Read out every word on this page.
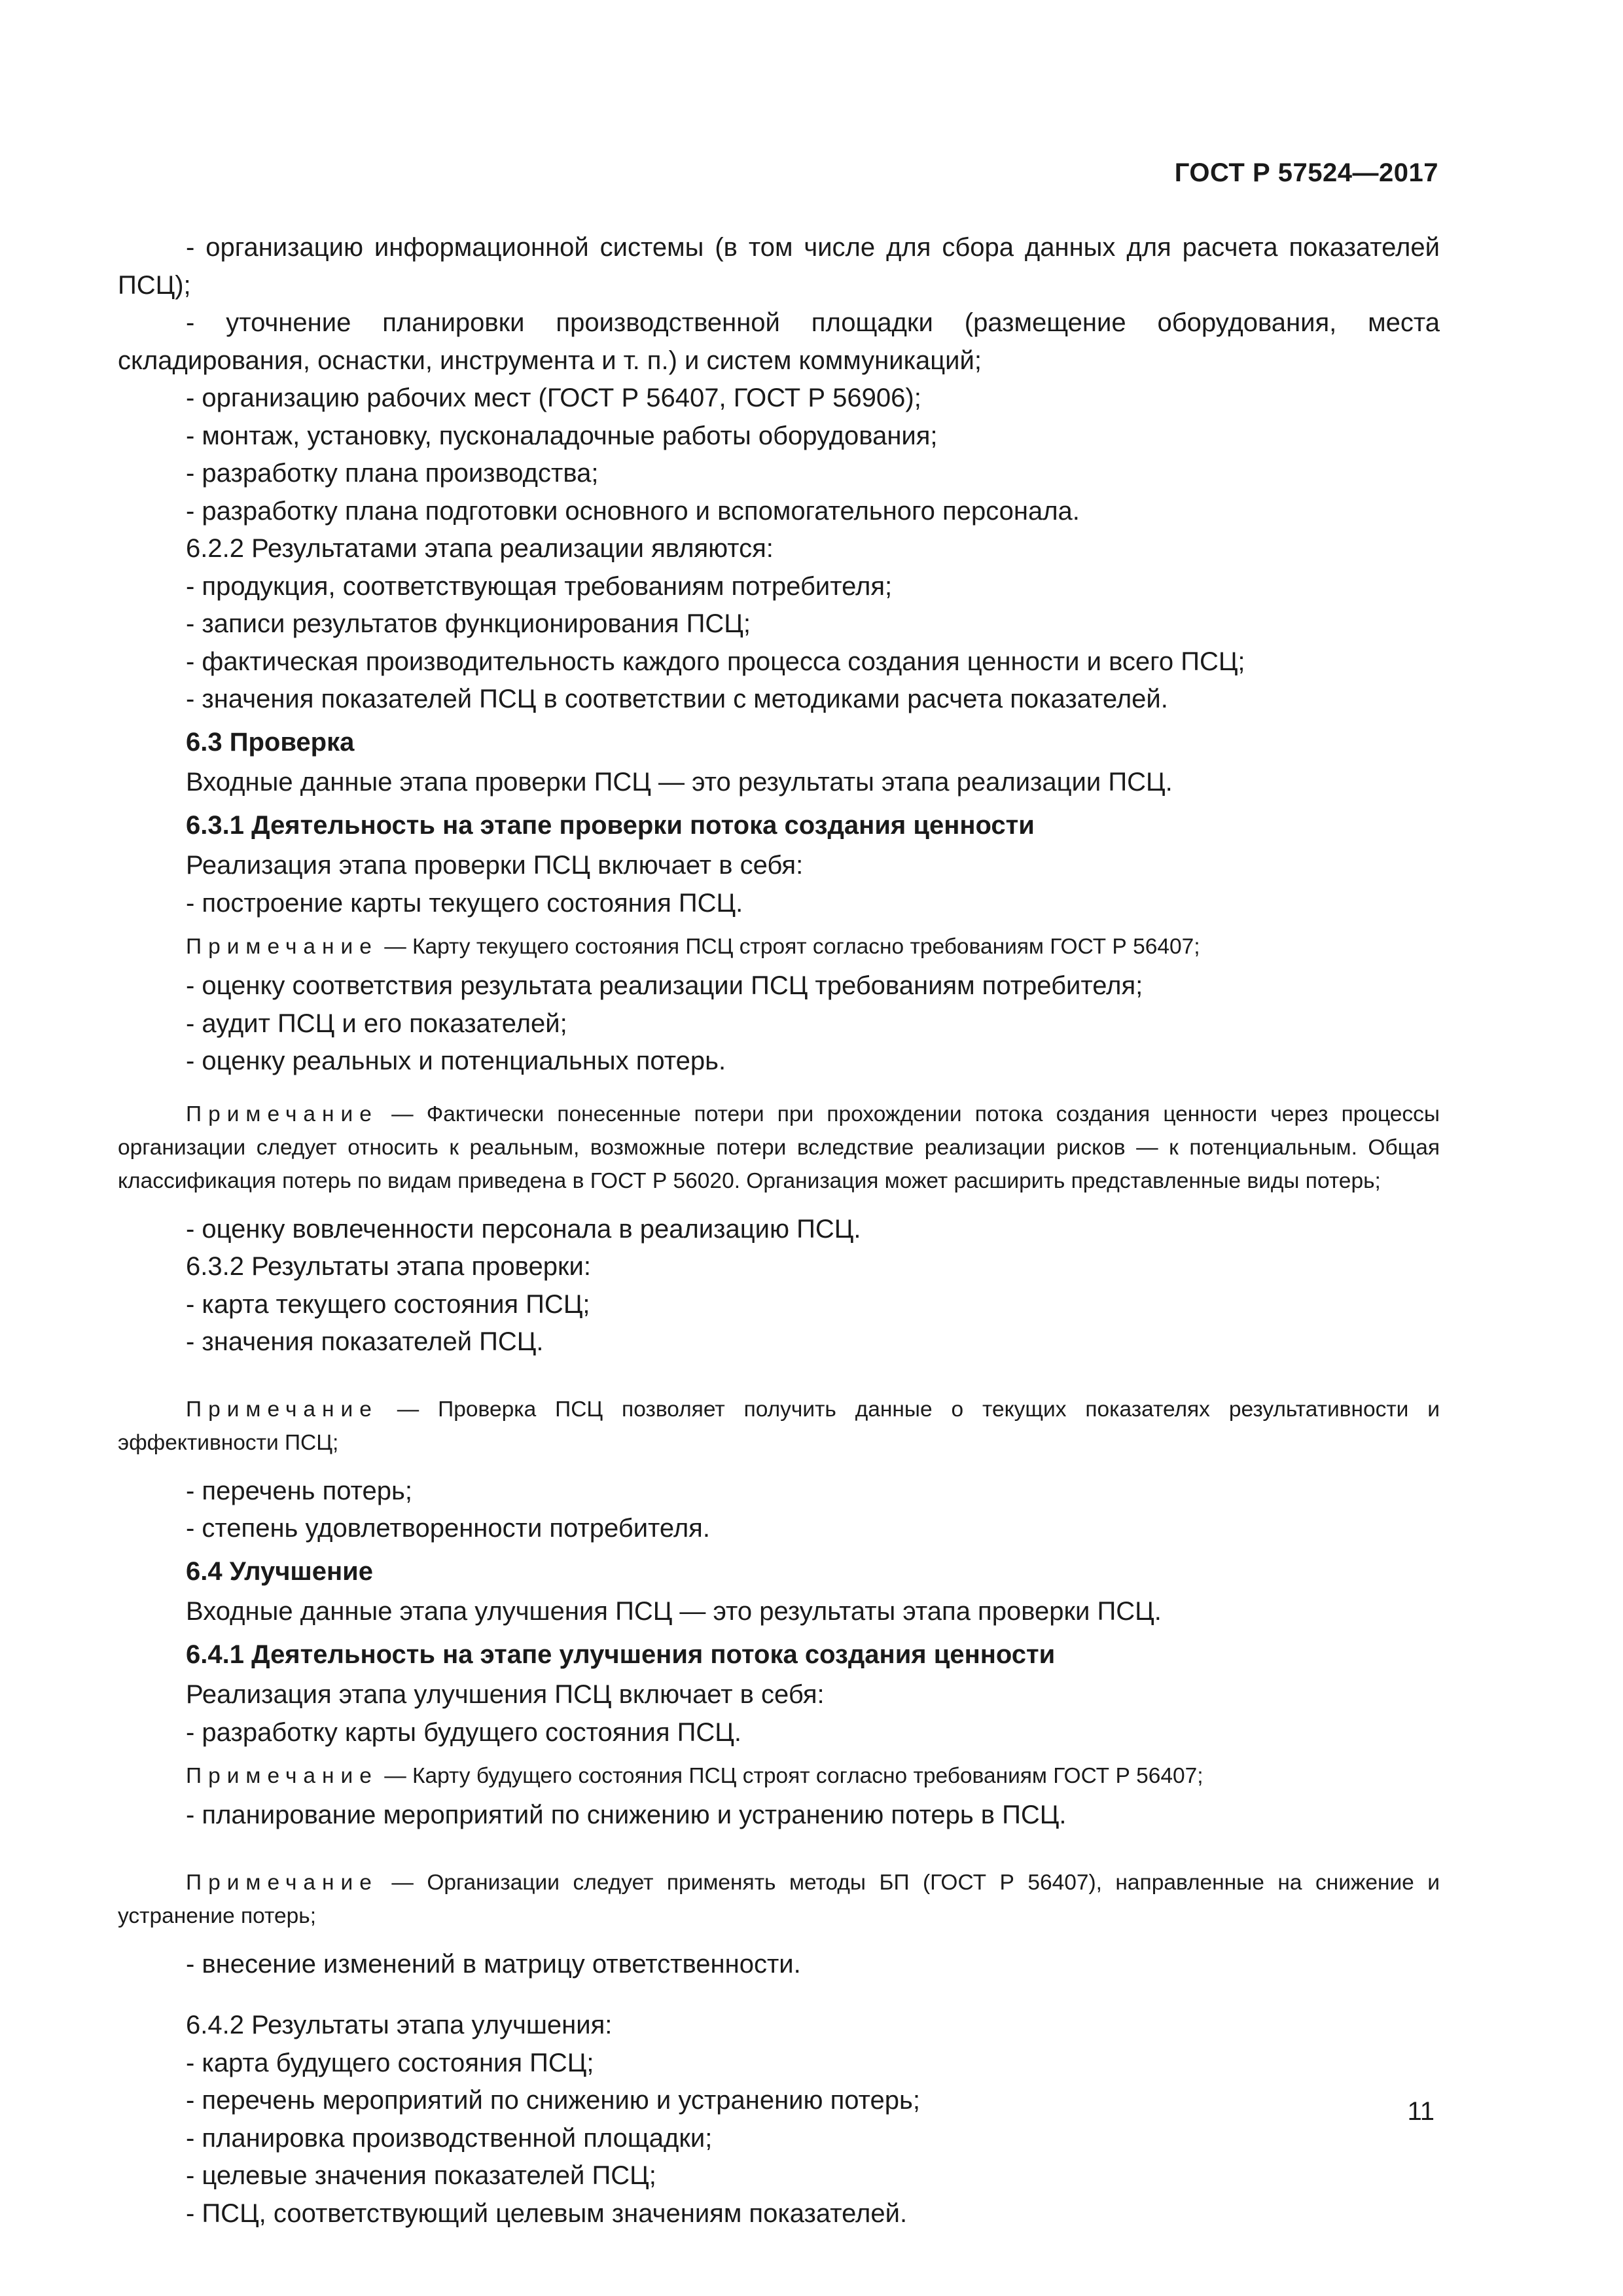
ГОСТ Р 57524—2017

- организацию информационной системы (в том числе для сбора данных для расчета показателей ПСЦ);

- уточнение планировки производственной площадки (размещение оборудования, места складирования, оснастки, инструмента и т. п.) и систем коммуникаций;

- организацию рабочих мест (ГОСТ Р 56407, ГОСТ Р 56906);

- монтаж, установку, пусконаладочные работы оборудования;

- разработку плана производства;

- разработку плана подготовки основного и вспомогательного персонала.

6.2.2 Результатами этапа реализации являются:

- продукция, соответствующая требованиям потребителя;

- записи результатов функционирования ПСЦ;

- фактическая производительность каждого процесса создания ценности и всего ПСЦ;

- значения показателей ПСЦ в соответствии с методиками расчета показателей.

6.3 Проверка

Входные данные этапа проверки ПСЦ — это результаты этапа реализации ПСЦ.

6.3.1 Деятельность на этапе проверки потока создания ценности

Реализация этапа проверки ПСЦ включает в себя:

- построение карты текущего состояния ПСЦ.

Примечание — Карту текущего состояния ПСЦ строят согласно требованиям ГОСТ Р 56407;

- оценку соответствия результата реализации ПСЦ требованиям потребителя;

- аудит ПСЦ и его показателей;

- оценку реальных и потенциальных потерь.

Примечание — Фактически понесенные потери при прохождении потока создания ценности через процессы организации следует относить к реальным, возможные потери вследствие реализации рисков — к потенциальным. Общая классификация потерь по видам приведена в ГОСТ Р 56020. Организация может расширить представленные виды потерь;

- оценку вовлеченности персонала в реализацию ПСЦ.

6.3.2 Результаты этапа проверки:

- карта текущего состояния ПСЦ;

- значения показателей ПСЦ.

Примечание — Проверка ПСЦ позволяет получить данные о текущих показателях результативности и эффективности ПСЦ;

- перечень потерь;

- степень удовлетворенности потребителя.

6.4 Улучшение

Входные данные этапа улучшения ПСЦ — это результаты этапа проверки ПСЦ.

6.4.1 Деятельность на этапе улучшения потока создания ценности

Реализация этапа улучшения ПСЦ включает в себя:

- разработку карты будущего состояния ПСЦ.

Примечание — Карту будущего состояния ПСЦ строят согласно требованиям ГОСТ Р 56407;

- планирование мероприятий по снижению и устранению потерь в ПСЦ.

Примечание — Организации следует применять методы БП (ГОСТ Р 56407), направленные на снижение и устранение потерь;

- внесение изменений в матрицу ответственности.

6.4.2 Результаты этапа улучшения:

- карта будущего состояния ПСЦ;

- перечень мероприятий по снижению и устранению потерь;

- планировка производственной площадки;

- целевые значения показателей ПСЦ;

- ПСЦ, соответствующий целевым значениям показателей.

11
